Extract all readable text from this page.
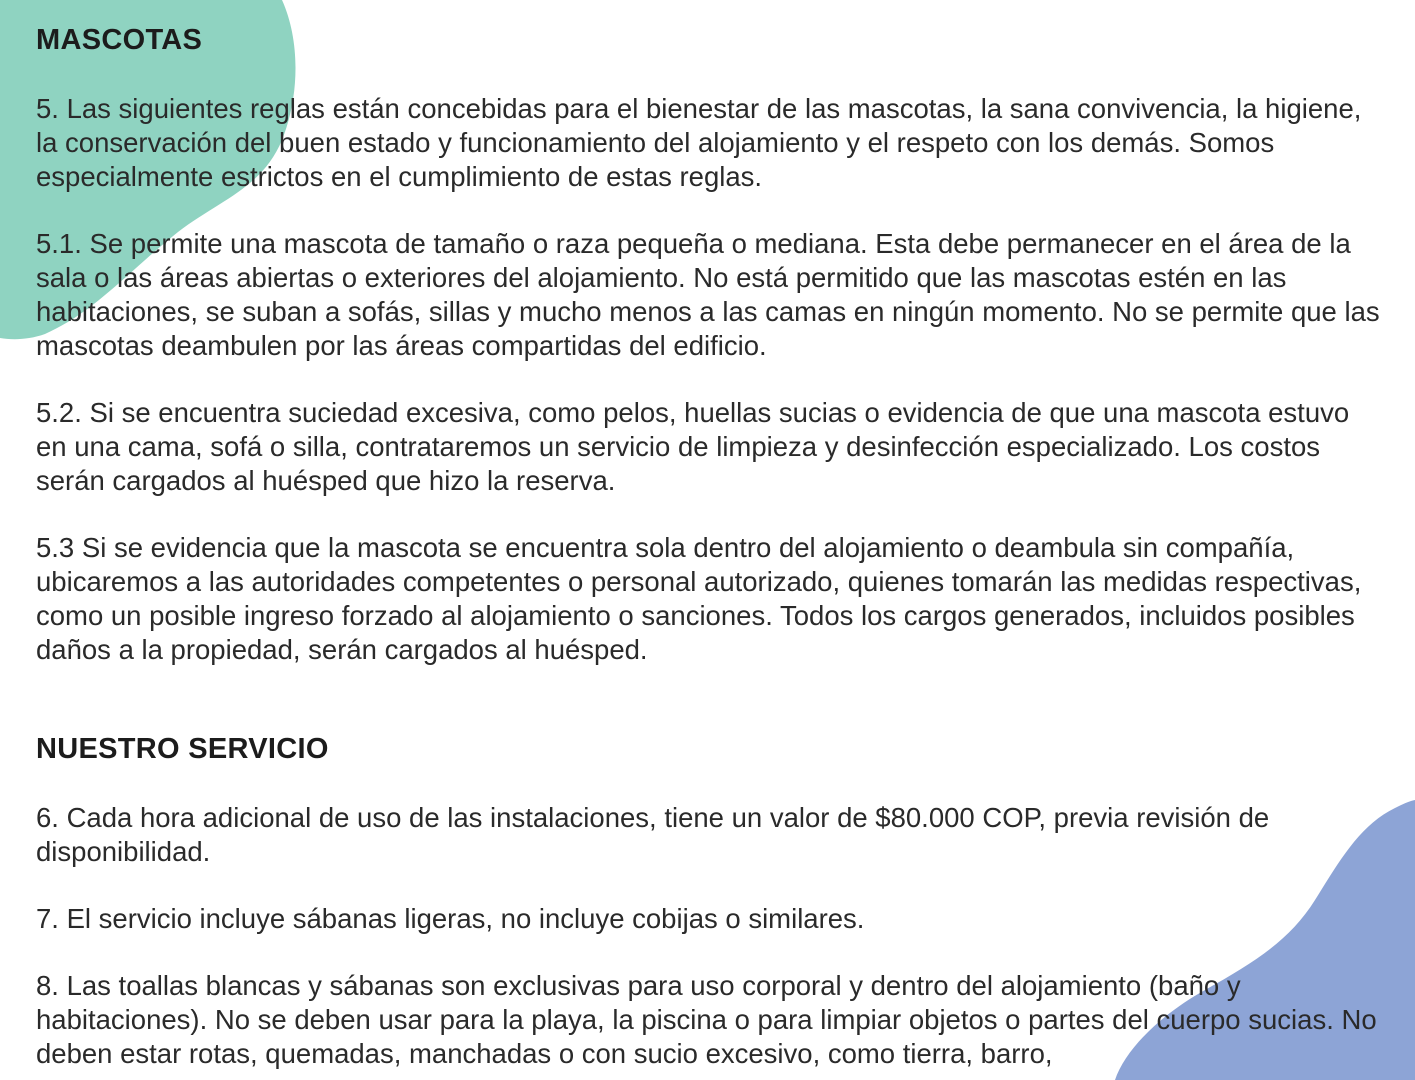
MASCOTAS

5. Las siguientes reglas están concebidas para el bienestar de las mascotas, la sana convivencia, la higiene, la conservación del buen estado y funcionamiento del alojamiento y el respeto con los demás. Somos especialmente estrictos en el cumplimiento de estas reglas.

5.1. Se permite una mascota de tamaño o raza pequeña o mediana. Esta debe permanecer en el área de la sala o las áreas abiertas o exteriores del alojamiento. No está permitido que las mascotas estén en las habitaciones, se suban a sofás, sillas y mucho menos a las camas en ningún momento. No se permite que las mascotas deambulen por las áreas compartidas del edificio.

5.2. Si se encuentra suciedad excesiva, como pelos, huellas sucias o evidencia de que una mascota estuvo en una cama, sofá o silla, contrataremos un servicio de limpieza y desinfección especializado. Los costos serán cargados al huésped que hizo la reserva.

5.3 Si se evidencia que la mascota se encuentra sola dentro del alojamiento o deambula sin compañía, ubicaremos a las autoridades competentes o personal autorizado, quienes tomarán las medidas respectivas, como un posible ingreso forzado al alojamiento o sanciones. Todos los cargos generados, incluidos posibles daños a la propiedad, serán cargados al huésped.

NUESTRO SERVICIO

6. Cada hora adicional de uso de las instalaciones, tiene un valor de $80.000 COP, previa revisión de disponibilidad.

7. El servicio incluye sábanas ligeras, no incluye cobijas o similares.

8. Las toallas blancas y sábanas son exclusivas para uso corporal y dentro del alojamiento (baño y habitaciones). No se deben usar para la playa, la piscina o para limpiar objetos o partes del cuerpo sucias. No deben estar rotas, quemadas, manchadas o con sucio excesivo, como tierra, barro,
